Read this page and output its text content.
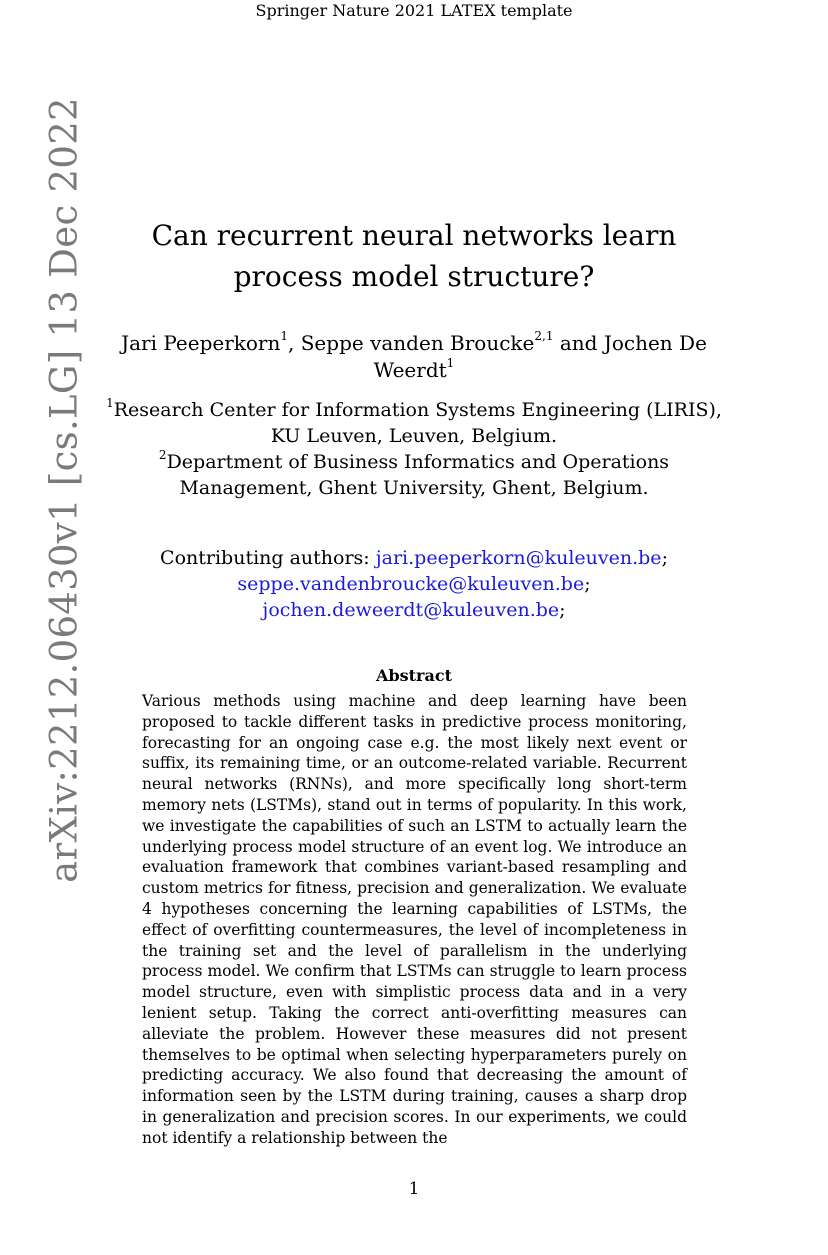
Springer Nature 2021 LATEX template
arXiv:2212.06430v1 [cs.LG] 13 Dec 2022	Can recurrent neural networks learn process model structure?
Jari Peeperkorn$^1$, Seppe vanden Broucke$^{2,1}$ and Jochen De Weerdt$^1$
$^1$Research Center for Information Systems Engineering (LIRIS), KU Leuven, Leuven, Belgium.
$^2$Department of Business Informatics and Operations Management, Ghent University, Ghent, Belgium.
Contributing authors: jari.peeperkorn@kuleuven.be;
seppe.vandenbroucke@kuleuven.be;
jochen.deweerdt@kuleuven.be;
Abstract
Various methods using machine and deep learning have been proposed to tackle different tasks in predictive process monitoring, forecasting for an ongoing case e.g. the most likely next event or suffix, its remaining time, or an outcome-related variable. Recurrent neural networks (RNNs), and more specifically long short-term memory nets (LSTMs), stand out in terms of popularity. In this work, we investigate the capabilities of such an LSTM to actually learn the underlying process model structure of an event log. We introduce an evaluation framework that combines variant-based resampling and custom metrics for fitness, precision and generalization. We evaluate 4 hypotheses concerning the learning capabilities of LSTMs, the effect of overfitting countermeasures, the level of incompleteness in the training set and the level of parallelism in the underlying process model. We confirm that LSTMs can struggle to learn process model structure, even with simplistic process data and in a very lenient setup. Taking the correct anti-overfitting measures can alleviate the problem. However these measures did not present themselves to be optimal when selecting hyperparameters purely on predicting accuracy. We also found that decreasing the amount of information seen by the LSTM during training, causes a sharp drop in generalization and precision scores. In our experiments, we could not identify a relationship between the
1
